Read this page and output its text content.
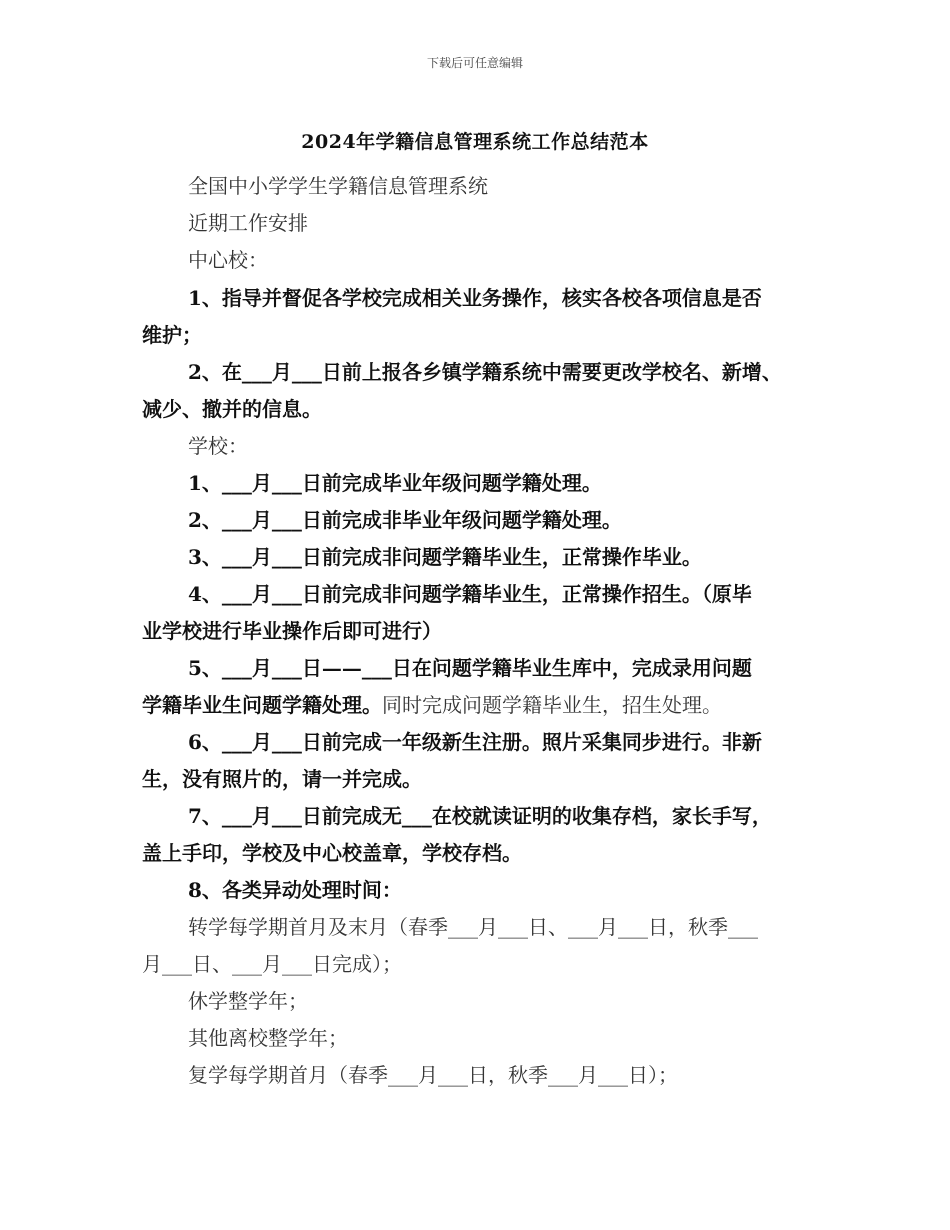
下载后可任意编辑
2024年学籍信息管理系统工作总结范本
全国中小学学生学籍信息管理系统
近期工作安排
中心校：
1、指导并督促各学校完成相关业务操作，核实各校各项信息是否
维护；
2、在___月___日前上报各乡镇学籍系统中需要更改学校名、新增、
减少、撤并的信息。
学校：
1、___月___日前完成毕业年级问题学籍处理。
2、___月___日前完成非毕业年级问题学籍处理。
3、___月___日前完成非问题学籍毕业生，正常操作毕业。
4、___月___日前完成非问题学籍毕业生，正常操作招生。（原毕
业学校进行毕业操作后即可进行）
5、___月___日——___日在问题学籍毕业生库中，完成录用问题
学籍毕业生问题学籍处理。同时完成问题学籍毕业生，招生处理。
6、___月___日前完成一年级新生注册。照片采集同步进行。非新
生，没有照片的，请一并完成。
7、___月___日前完成无___在校就读证明的收集存档，家长手写，
盖上手印，学校及中心校盖章，学校存档。
8、各类异动处理时间：
转学每学期首月及末月（春季___月___日、___月___日，秋季___
月___日、___月___日完成）；
休学整学年；
其他离校整学年；
复学每学期首月（春季___月___日，秋季___月___日）；
